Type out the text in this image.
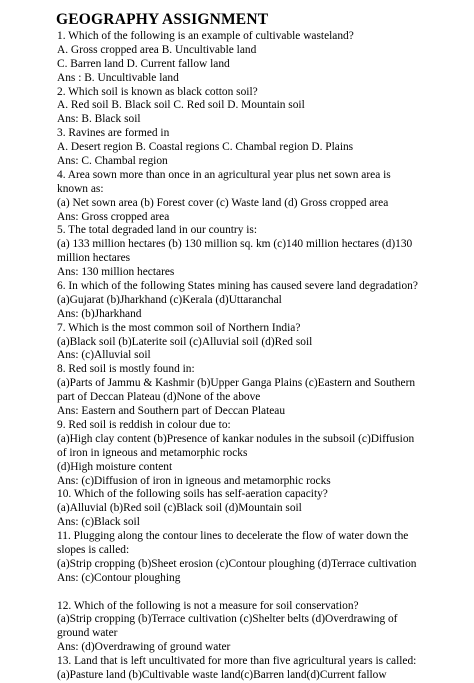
GEOGRAPHY ASSIGNMENT
1. Which of the following is an example of cultivable wasteland?
A. Gross cropped area B. Uncultivable land
C. Barren land D. Current fallow land
Ans : B. Uncultivable land
2. Which soil is known as black cotton soil?
A. Red soil B. Black soil C. Red soil D. Mountain soil
Ans: B. Black soil
3. Ravines are formed in
A. Desert region B. Coastal regions C. Chambal region D. Plains
Ans: C. Chambal region
4. Area sown more than once in an agricultural year plus net sown area is
known as:
(a) Net sown area (b) Forest cover (c) Waste land (d) Gross cropped area
Ans: Gross cropped area
5. The total degraded land in our country is:
(a) 133 million hectares (b) 130 million sq. km (c)140 million hectares (d)130
million hectares
Ans: 130 million hectares
6. In which of the following States mining has caused severe land degradation?
(a)Gujarat (b)Jharkhand (c)Kerala (d)Uttaranchal
Ans: (b)Jharkhand
7. Which is the most common soil of Northern India?
(a)Black soil (b)Laterite soil (c)Alluvial soil (d)Red soil
Ans: (c)Alluvial soil
8. Red soil is mostly found in:
(a)Parts of Jammu & Kashmir (b)Upper Ganga Plains (c)Eastern and Southern
part of Deccan Plateau (d)None of the above
Ans: Eastern and Southern part of Deccan Plateau
9. Red soil is reddish in colour due to:
(a)High clay content (b)Presence of kankar nodules in the subsoil (c)Diffusion
of iron in igneous and metamorphic rocks
(d)High moisture content
Ans: (c)Diffusion of iron in igneous and metamorphic rocks
10. Which of the following soils has self-aeration capacity?
(a)Alluvial (b)Red soil (c)Black soil (d)Mountain soil
Ans: (c)Black soil
11. Plugging along the contour lines to decelerate the flow of water down the
slopes is called:
(a)Strip cropping (b)Sheet erosion (c)Contour ploughing (d)Terrace cultivation
Ans: (c)Contour ploughing
12. Which of the following is not a measure for soil conservation?
(a)Strip cropping (b)Terrace cultivation (c)Shelter belts (d)Overdrawing of
ground water
Ans: (d)Overdrawing of ground water
13. Land that is left uncultivated for more than five agricultural years is called:
(a)Pasture land (b)Cultivable waste land(c)Barren land(d)Current fallow
